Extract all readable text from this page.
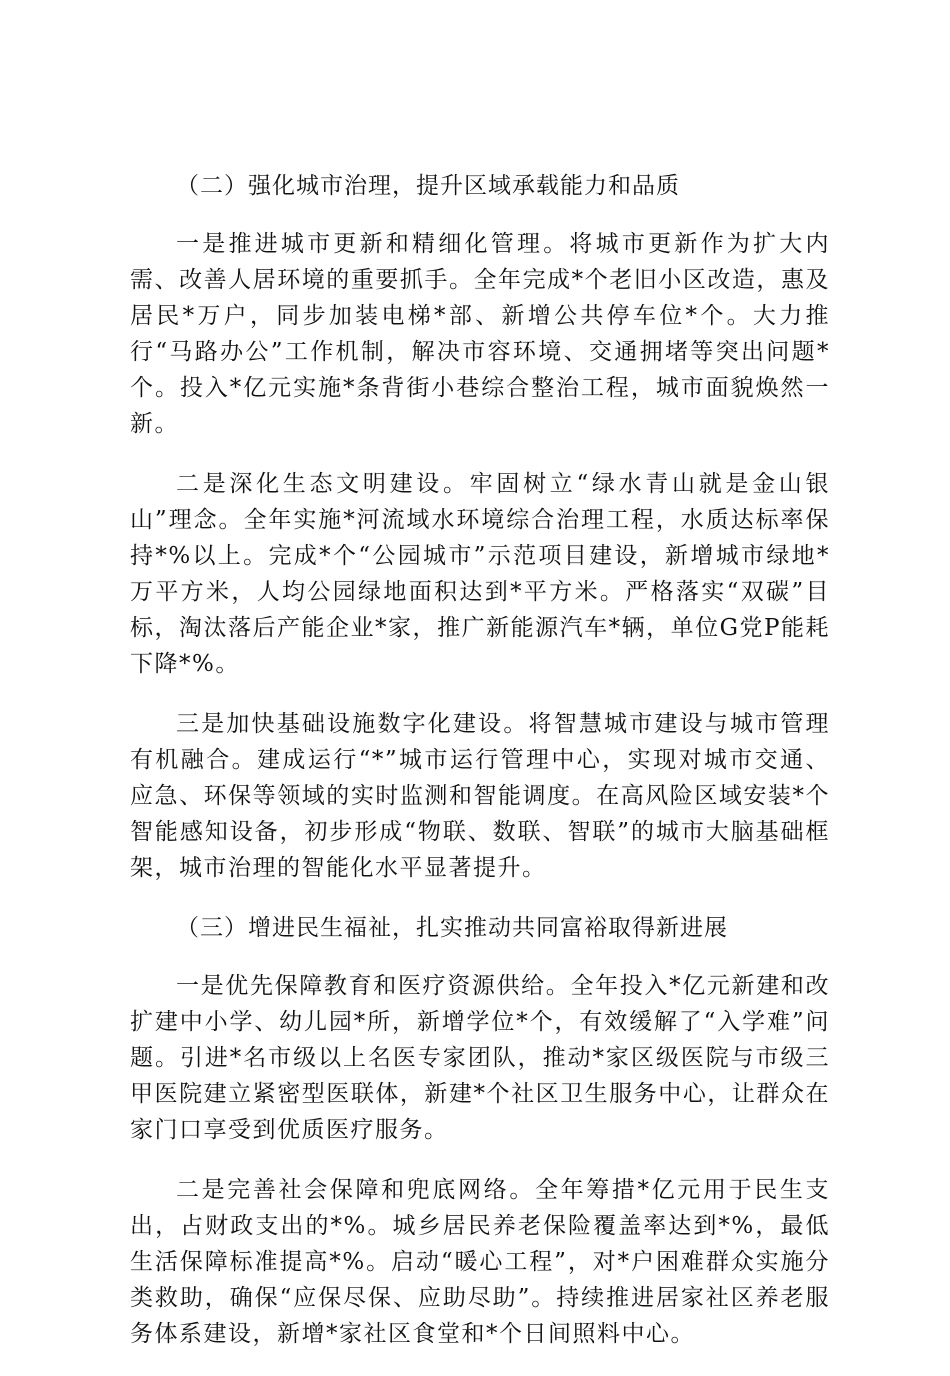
（二）强化城市治理，提升区域承载能力和品质

一是推进城市更新和精细化管理。将城市更新作为扩大内需、改善人居环境的重要抓手。全年完成*个老旧小区改造，惠及居民*万户，同步加装电梯*部、新增公共停车位*个。大力推行“马路办公”工作机制，解决市容环境、交通拥堵等突出问题*个。投入*亿元实施*条背街小巷综合整治工程，城市面貌焕然一新。

二是深化生态文明建设。牢固树立“绿水青山就是金山银山”理念。全年实施*河流域水环境综合治理工程，水质达标率保持*%以上。完成*个“公园城市”示范项目建设，新增城市绿地*万平方米，人均公园绿地面积达到*平方米。严格落实“双碳”目标，淘汰落后产能企业*家，推广新能源汽车*辆，单位G党P能耗下降*%。

三是加快基础设施数字化建设。将智慧城市建设与城市管理有机融合。建成运行“*”城市运行管理中心，实现对城市交通、应急、环保等领域的实时监测和智能调度。在高风险区域安装*个智能感知设备，初步形成“物联、数联、智联”的城市大脑基础框架，城市治理的智能化水平显著提升。

（三）增进民生福祉，扎实推动共同富裕取得新进展

一是优先保障教育和医疗资源供给。全年投入*亿元新建和改扩建中小学、幼儿园*所，新增学位*个，有效缓解了“入学难”问题。引进*名市级以上名医专家团队，推动*家区级医院与市级三甲医院建立紧密型医联体，新建*个社区卫生服务中心，让群众在家门口享受到优质医疗服务。

二是完善社会保障和兜底网络。全年筹措*亿元用于民生支出，占财政支出的*%。城乡居民养老保险覆盖率达到*%，最低生活保障标准提高*%。启动“暖心工程”，对*户困难群众实施分类救助，确保“应保尽保、应助尽助”。持续推进居家社区养老服务体系建设，新增*家社区食堂和*个日间照料中心。
